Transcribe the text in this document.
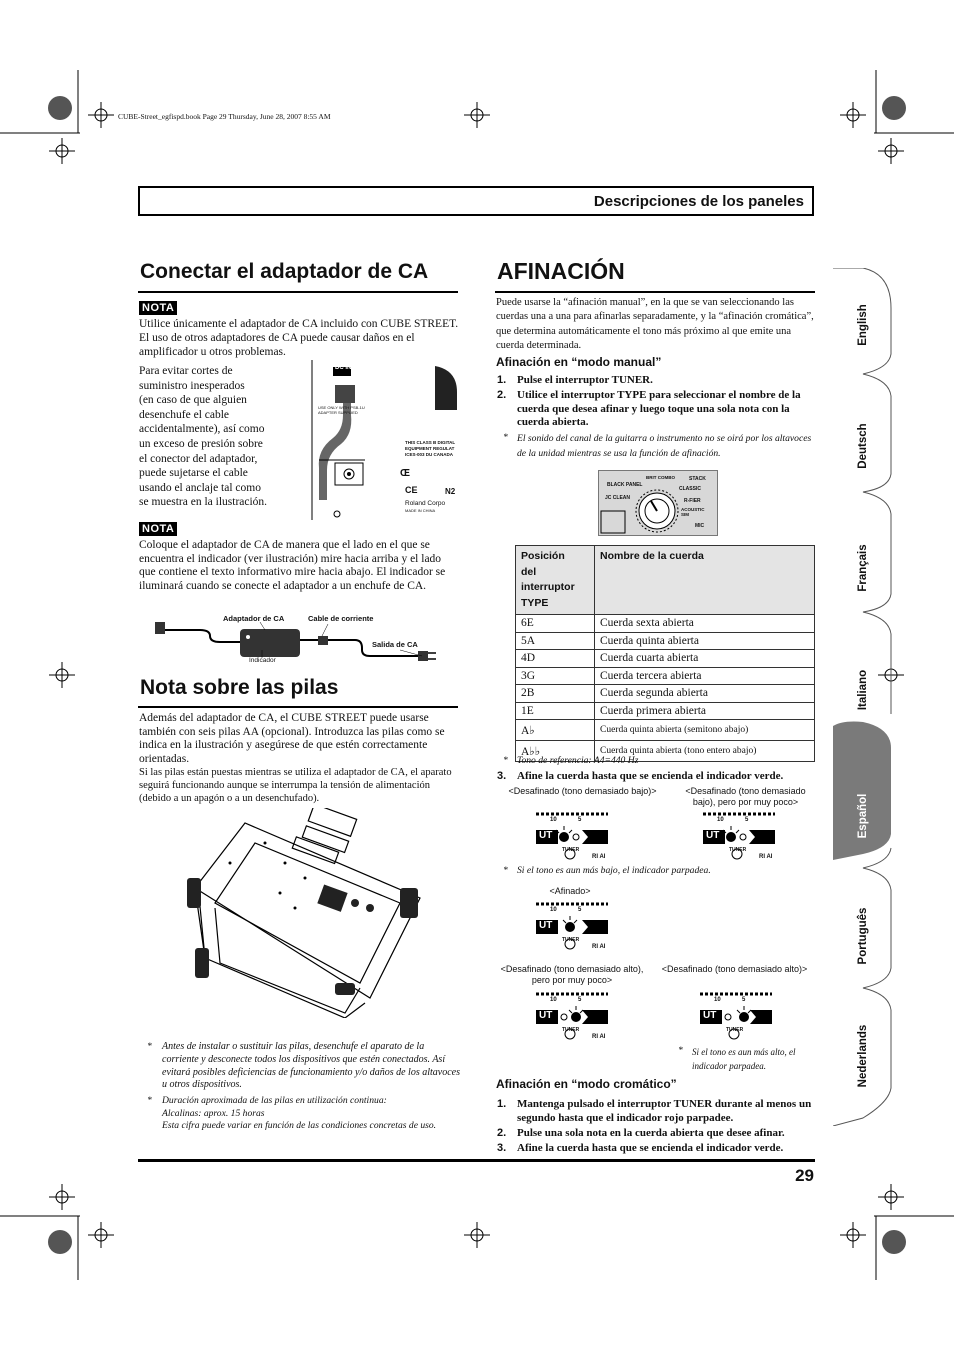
CUBE-Street_egfispd.book Page 29 Thursday, June 28, 2007 8:55 AM
Descripciones de los paneles
Conectar el adaptador de CA
NOTA
Utilice únicamente el adaptador de CA incluido con CUBE STREET. El uso de otros adaptadores de CA puede causar daños en el amplificador u otros problemas.
Para evitar cortes de
suministro inesperados
(en caso de que alguien
desenchufe el cable
accidentalmente), así como
un exceso de presión sobre
el conector del adaptador,
puede sujetarse el cable
usando el anclaje tal como
se muestra en la ilustración.
Œ
DC IN
USE ONLY WITH PSB-1U
ADAPTER SUPPLIED
THIS CLASS B DIGITAL
EQUIPMENT REGULAT
ICES-003 DU CANADA
CE	N2
Roland Corpo
MADE IN CHINA
NOTA
Coloque el adaptador de CA de manera que el lado en el que se encuentra el indicador (ver ilustración) mire hacia arriba y el lado que contiene el texto informativo mire hacia abajo. El indicador se iluminará cuando se conecte el adaptador a un enchufe de CA.
Adaptador de CA	Cable de corriente
Salida de CA
Indicador
Nota sobre las pilas
Además del adaptador de CA, el CUBE STREET puede usarse también con seis pilas AA (opcional). Introduzca las pilas como se indica en la ilustración y asegúrese de que estén correctamente orientadas.
Si las pilas están puestas mientras se utiliza el adaptador de CA, el aparato seguirá funcionando aunque se interrumpa la tensión de alimentación (debido a un apagón o a un desenchufado).
* Antes de instalar o sustituir las pilas, desenchufe el aparato de la corriente y desconecte todos los dispositivos que estén conectados. Así evitará posibles deficiencias de funcionamiento y/o daños de los altavoces u otros dispositivos.
* Duración aproximada de las pilas en utilización continua:
Alcalinas: aprox. 15 horas
Esta cifra puede variar en función de las condiciones concretas de uso.
AFINACIÓN
Puede usarse la “afinación manual”, en la que se van seleccionando las cuerdas una a una para afinarlas separadamente, y la “afinación cromática”, que determina automáticamente el tono más próximo al que emite una cuerda determinada.
Afinación en “modo manual”
1. Pulse el interruptor TUNER.
2. Utilice el interruptor TYPE para seleccionar el nombre de la cuerda que desea afinar y luego toque una sola nota con la cuerda abierta.
* El sonido del canal de la guitarra o instrumento no se oirá por los altavoces de la unidad mientras se usa la función de afinación.
BLACK PANEL
BRIT COMBO	STACK
JC CLEAN
CLASSIC
R-FIER
ACOUSTIC SIM
MIC
Posición
del
interruptor
TYPE	Nombre de la cuerda
6E	Cuerda sexta abierta
5A	Cuerda quinta abierta
4D	Cuerda cuarta abierta
3G	Cuerda tercera abierta
2B	Cuerda segunda abierta
1E	Cuerda primera abierta
A♭	Cuerda quinta abierta (semitono abajo)
A♭♭	Cuerda quinta abierta (tono entero abajo)
* Tono de referencia: A4=440 Hz
3. Afine la cuerda hasta que se encienda el indicador verde.
<Desafinado (tono demasiado bajo)>	<Desafinado (tono demasiado
bajo), pero por muy poco>
UT
10	5
TUNER
RI AI
UT
10	5
TUNER
RI AI
* Si el tono es aun más bajo, el indicador parpadea.
<Afinado>
UT
10	5
TUNER
RI AI
<Desafinado (tono demasiado alto),
pero por muy poco>
<Desafinado (tono demasiado alto)>
UT
10	5
TUNER
RI AI
UT
10	5
TUNER
* Si el tono es aun más alto, el
indicador parpadea.
Afinación en “modo cromático”
1. Mantenga pulsado el interruptor TUNER durante al menos un segundo hasta que el indicador rojo parpadee.
2. Pulse una sola nota en la cuerda abierta que desee afinar.
3. Afine la cuerda hasta que se encienda el indicador verde.
29
English
Deutsch
Français
Italiano
Español
Português
Nederlands
